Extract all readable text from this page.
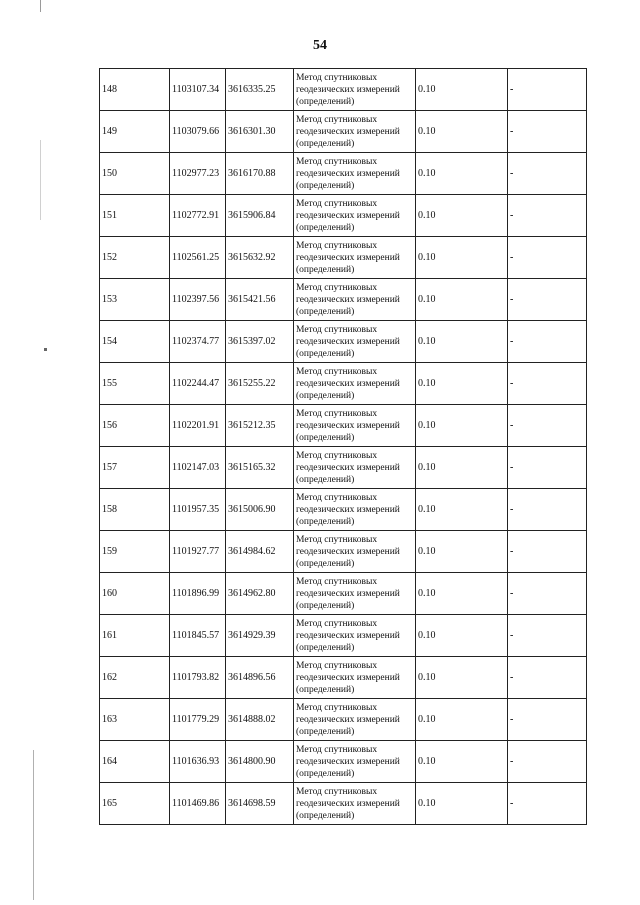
54
148	1103107.34	3616335.25	Метод спутниковых
геодезических измерений
(определений)	0.10	-
149	1103079.66	3616301.30	Метод спутниковых
геодезических измерений
(определений)	0.10	-
150	1102977.23	3616170.88	Метод спутниковых
геодезических измерений
(определений)	0.10	-
151	1102772.91	3615906.84	Метод спутниковых
геодезических измерений
(определений)	0.10	-
152	1102561.25	3615632.92	Метод спутниковых
геодезических измерений
(определений)	0.10	-
153	1102397.56	3615421.56	Метод спутниковых
геодезических измерений
(определений)	0.10	-
154	1102374.77	3615397.02	Метод спутниковых
геодезических измерений
(определений)	0.10	-
155	1102244.47	3615255.22	Метод спутниковых
геодезических измерений
(определений)	0.10	-
156	1102201.91	3615212.35	Метод спутниковых
геодезических измерений
(определений)	0.10	-
157	1102147.03	3615165.32	Метод спутниковых
геодезических измерений
(определений)	0.10	-
158	1101957.35	3615006.90	Метод спутниковых
геодезических измерений
(определений)	0.10	-
159	1101927.77	3614984.62	Метод спутниковых
геодезических измерений
(определений)	0.10	-
160	1101896.99	3614962.80	Метод спутниковых
геодезических измерений
(определений)	0.10	-
161	1101845.57	3614929.39	Метод спутниковых
геодезических измерений
(определений)	0.10	-
162	1101793.82	3614896.56	Метод спутниковых
геодезических измерений
(определений)	0.10	-
163	1101779.29	3614888.02	Метод спутниковых
геодезических измерений
(определений)	0.10	-
164	1101636.93	3614800.90	Метод спутниковых
геодезических измерений
(определений)	0.10	-
165	1101469.86	3614698.59	Метод спутниковых
геодезических измерений
(определений)	0.10	-
